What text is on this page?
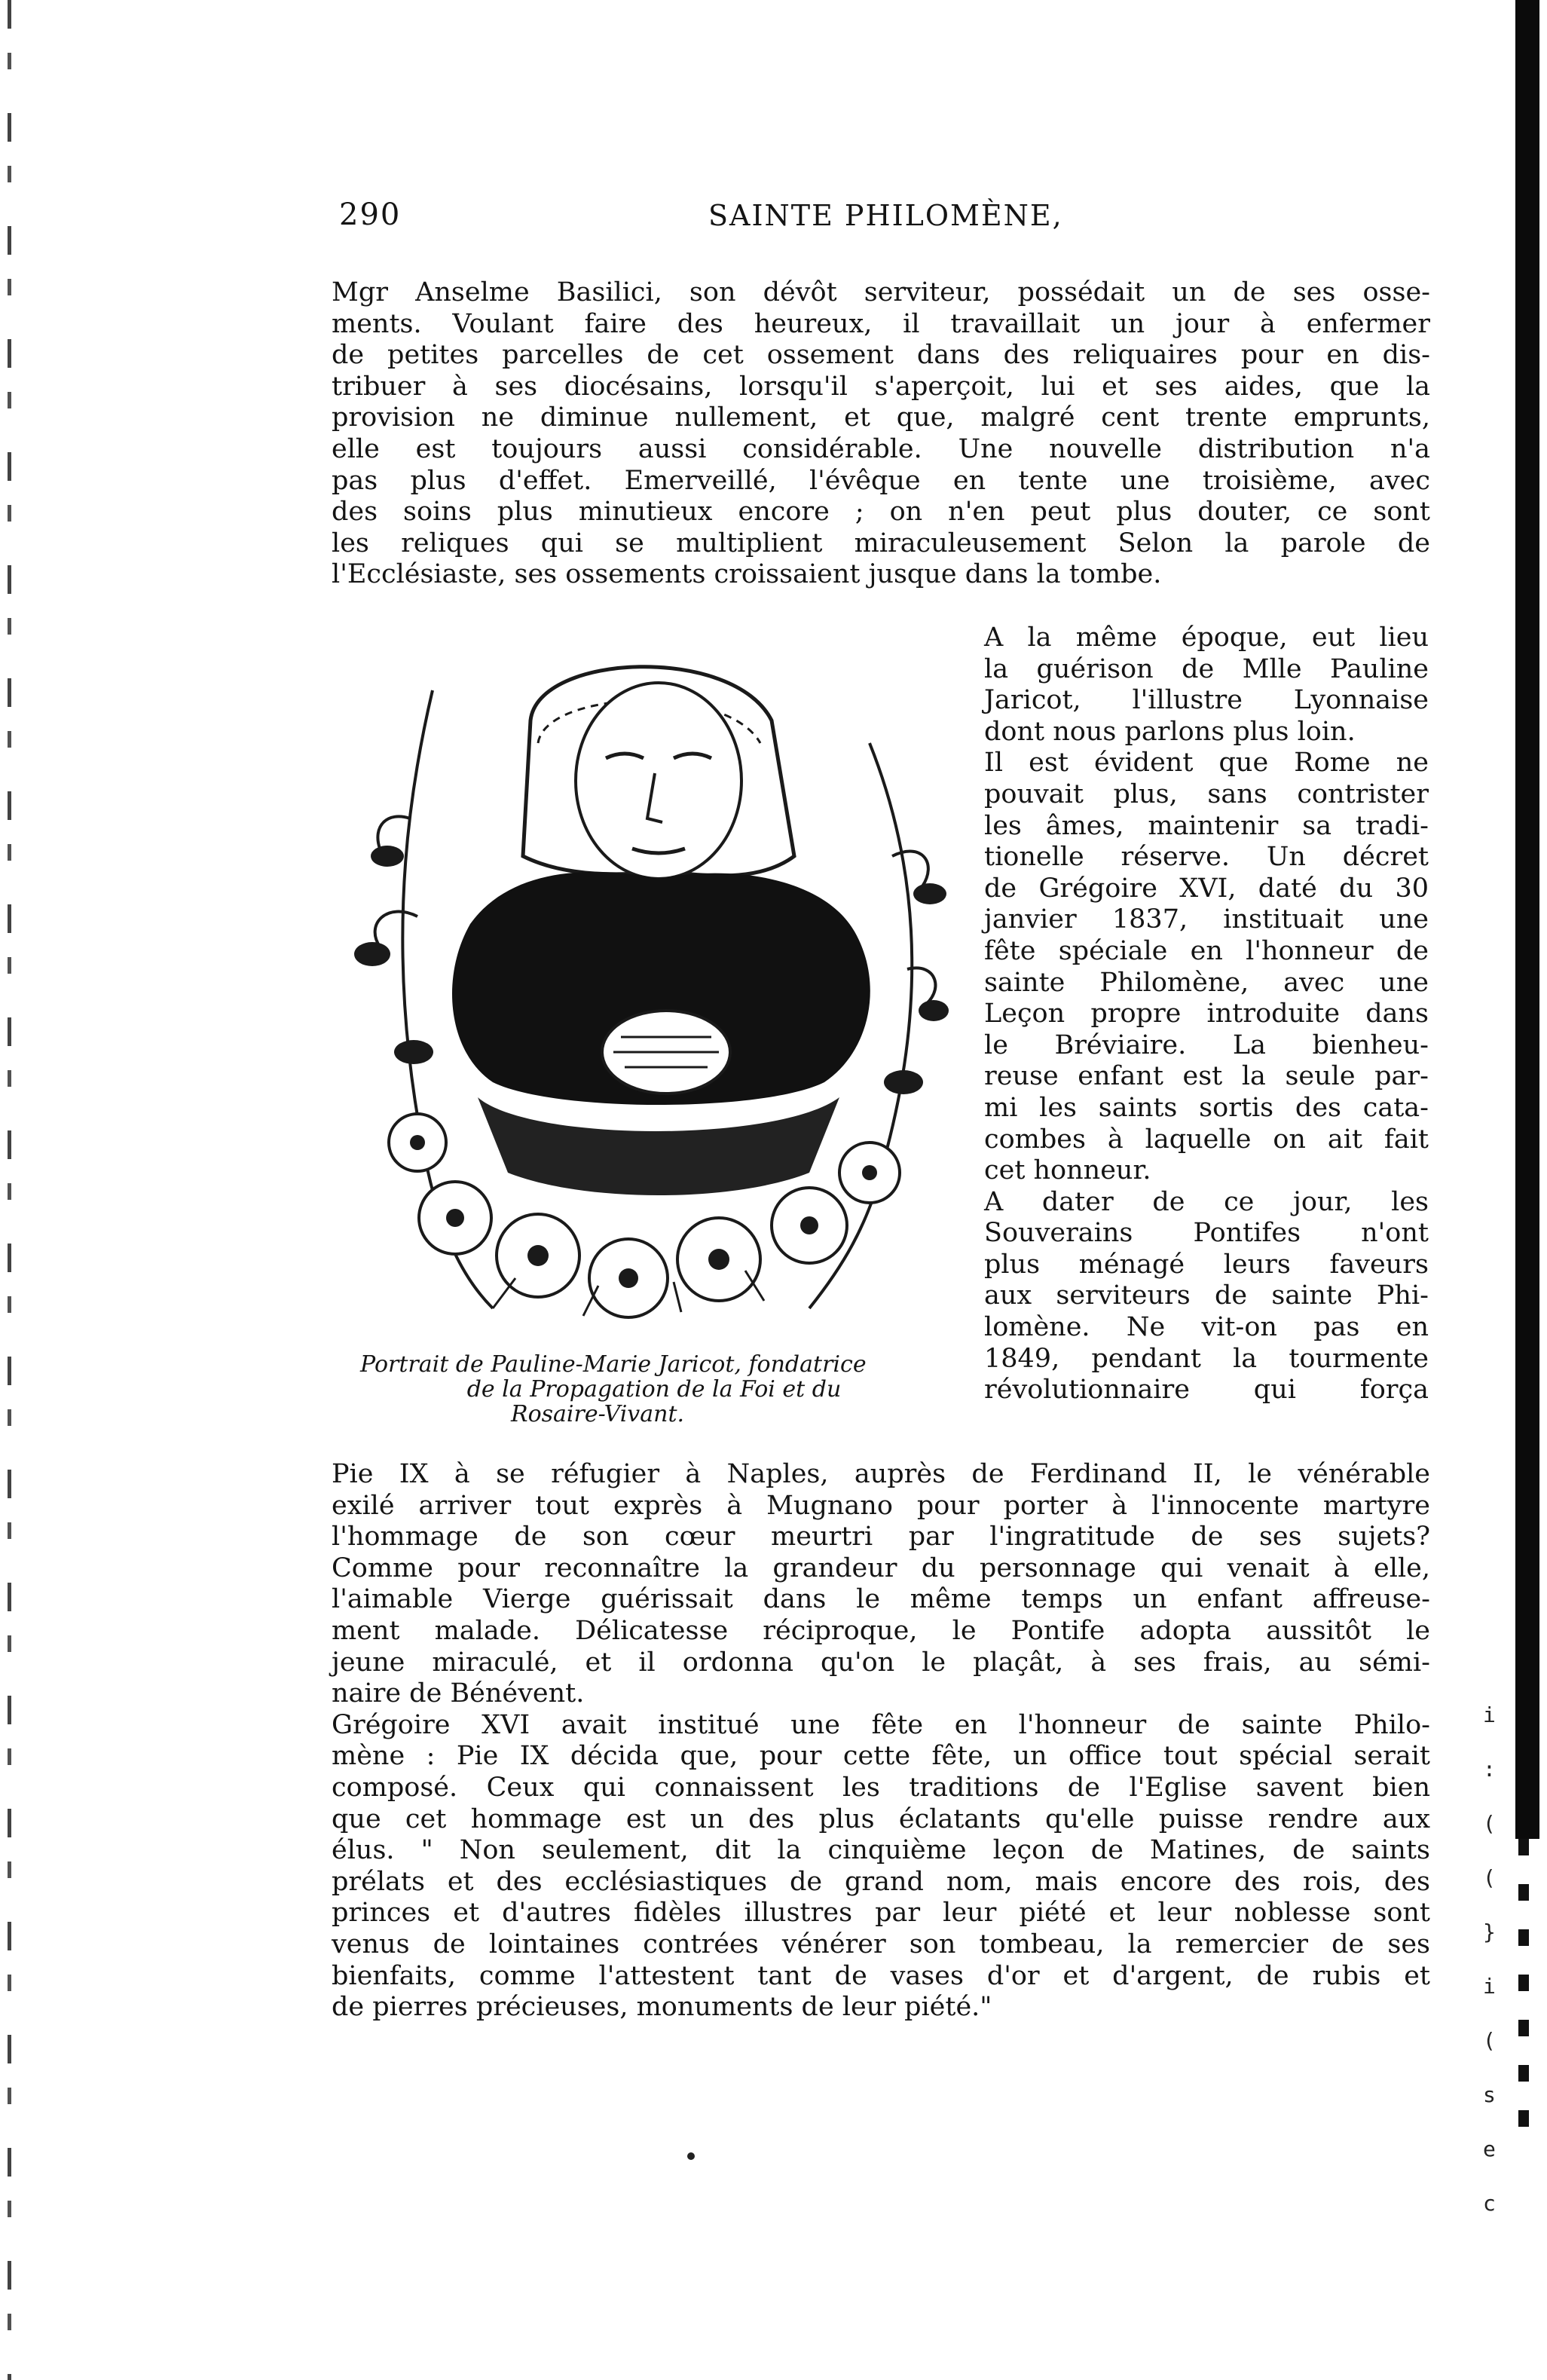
i
:
(
(
}
i
(
s
e
c
290	SAINTE PHILOMÈNE,
Mgr Anselme Basilici, son dévôt serviteur, possédait un de ses osse-
ments. Voulant faire des heureux, il travaillait un jour à enfermer
de petites parcelles de cet ossement dans des reliquaires pour en dis-
tribuer à ses diocésains, lorsqu'il s'aperçoit, lui et ses aides, que la
provision ne diminue nullement, et que, malgré cent trente emprunts,
elle est toujours aussi considérable. Une nouvelle distribution n'a
pas plus d'effet. Emerveillé, l'évêque en tente une troisième, avec
des soins plus minutieux encore ; on n'en peut plus douter, ce sont
les reliques qui se multiplient miraculeusement Selon la parole de
l'Ecclésiaste, ses ossements croissaient jusque dans la tombe.
Portrait de Pauline-Marie Jaricot, fondatrice
de la Propagation de la Foi et du
Rosaire-Vivant.
A la même époque, eut lieu
la guérison de Mlle Pauline
Jaricot, l'illustre Lyonnaise
dont nous parlons plus loin.
Il est évident que Rome ne
pouvait plus, sans contrister
les âmes, maintenir sa tradi-
tionelle réserve. Un décret
de Grégoire XVI, daté du 30
janvier 1837, instituait une
fête spéciale en l'honneur de
sainte Philomène, avec une
Leçon propre introduite dans
le Bréviaire. La bienheu-
reuse enfant est la seule par-
mi les saints sortis des cata-
combes à laquelle on ait fait
cet honneur.
A dater de ce jour, les
Souverains Pontifes n'ont
plus ménagé leurs faveurs
aux serviteurs de sainte Phi-
lomène. Ne vit-on pas en
1849, pendant la tourmente
révolutionnaire qui força
Pie IX à se réfugier à Naples, auprès de Ferdinand II, le vénérable
exilé arriver tout exprès à Mugnano pour porter à l'innocente martyre
l'hommage de son cœur meurtri par l'ingratitude de ses sujets?
Comme pour reconnaître la grandeur du personnage qui venait à elle,
l'aimable Vierge guérissait dans le même temps un enfant affreuse-
ment malade. Délicatesse réciproque, le Pontife adopta aussitôt le
jeune miraculé, et il ordonna qu'on le plaçât, à ses frais, au sémi-
naire de Bénévent.
Grégoire XVI avait institué une fête en l'honneur de sainte Philo-
mène : Pie IX décida que, pour cette fête, un office tout spécial serait
composé. Ceux qui connaissent les traditions de l'Eglise savent bien
que cet hommage est un des plus éclatants qu'elle puisse rendre aux
élus. " Non seulement, dit la cinquième leçon de Matines, de saints
prélats et des ecclésiastiques de grand nom, mais encore des rois, des
princes et d'autres fidèles illustres par leur piété et leur noblesse sont
venus de lointaines contrées vénérer son tombeau, la remercier de ses
bienfaits, comme l'attestent tant de vases d'or et d'argent, de rubis et
de pierres précieuses, monuments de leur piété."
